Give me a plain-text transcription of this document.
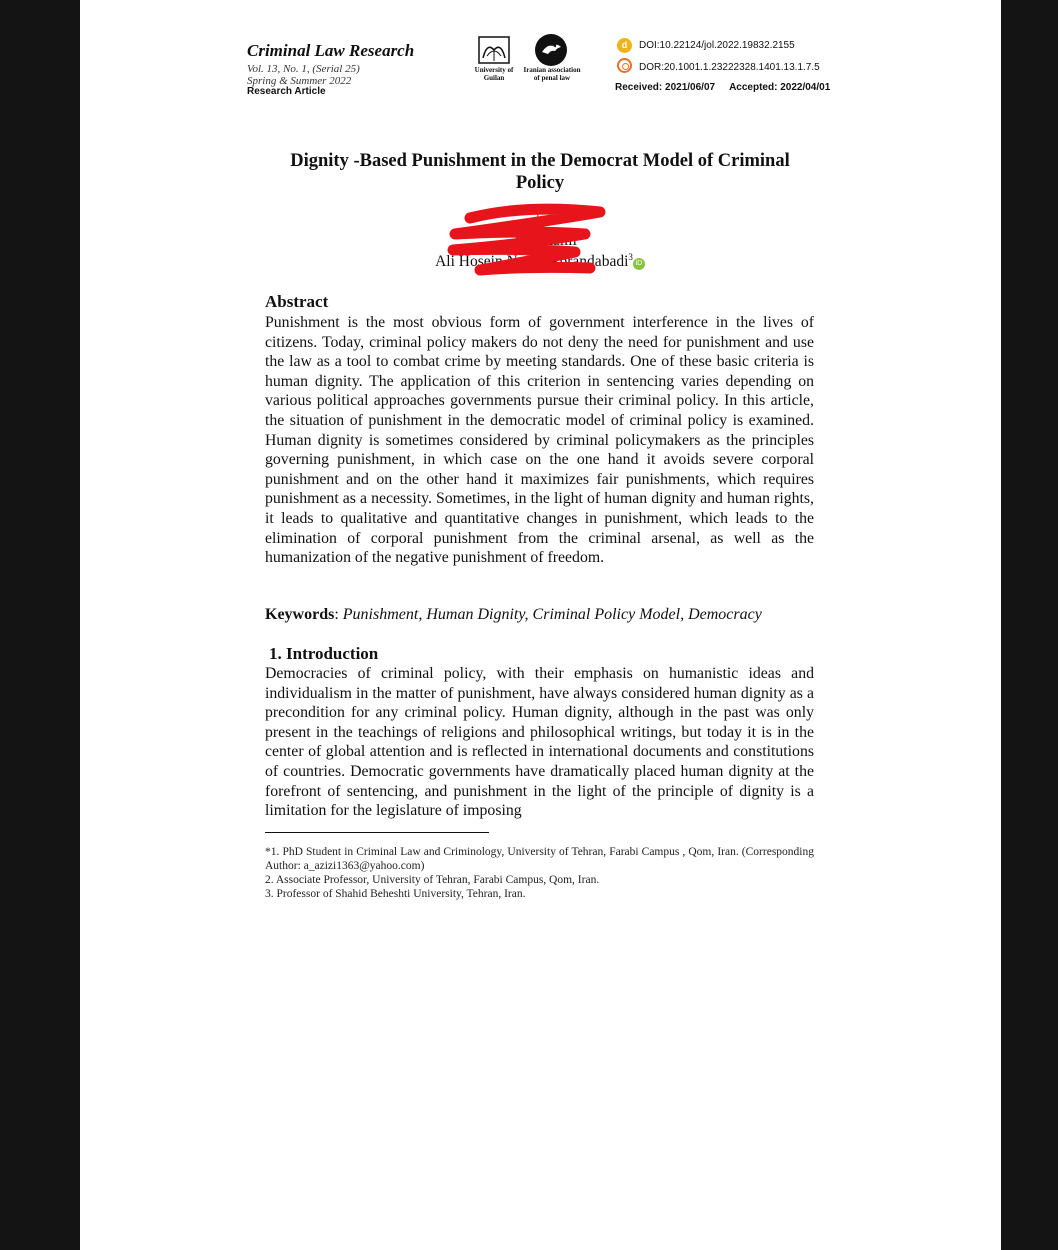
Criminal Law Research
Vol. 13, No. 1, (Serial 25)
Spring & Summer 2022
Research Article
University of Guilan
Iranian association of penal law
d	DOI:10.22124/jol.2022.19832.2155
DOR:20.1001.1.23222328.1401.13.1.7.5
Received: 2021/06/07 Accepted: 2022/04/01
Dignity -Based Punishment in the Democrat Model of Criminal Policy
$^{1*}$
…Mirkhalili$^2$
Ali Hosein Najafi Abrandabadi$^3$iD
Abstract
Punishment is the most obvious form of government interference in the lives of citizens. Today, criminal policy makers do not deny the need for punishment and use the law as a tool to combat crime by meeting standards. One of these basic criteria is human dignity. The application of this criterion in sentencing varies depending on various political approaches governments pursue their criminal policy. In this article, the situation of punishment in the democratic model of criminal policy is examined. Human dignity is sometimes considered by criminal policymakers as the principles governing punishment, in which case on the one hand it avoids severe corporal punishment and on the other hand it maximizes fair punishments, which requires punishment as a necessity. Sometimes, in the light of human dignity and human rights, it leads to qualitative and quantitative changes in punishment, which leads to the elimination of corporal punishment from the criminal arsenal, as well as the humanization of the negative punishment of freedom.
Keywords: Punishment, Human Dignity, Criminal Policy Model, Democracy
1. Introduction
Democracies of criminal policy, with their emphasis on humanistic ideas and individualism in the matter of punishment, have always considered human dignity as a precondition for any criminal policy. Human dignity, although in the past was only present in the teachings of religions and philosophical writings, but today it is in the center of global attention and is reflected in international documents and constitutions of countries. Democratic governments have dramatically placed human dignity at the forefront of sentencing, and punishment in the light of the principle of dignity is a limitation for the legislature of imposing
*1. PhD Student in Criminal Law and Criminology, University of Tehran, Farabi Campus , Qom, Iran. (Corresponding Author: a_azizi1363@yahoo.com)
2. Associate Professor, University of Tehran, Farabi Campus, Qom, Iran.
3. Professor of Shahid Beheshti University, Tehran, Iran.
